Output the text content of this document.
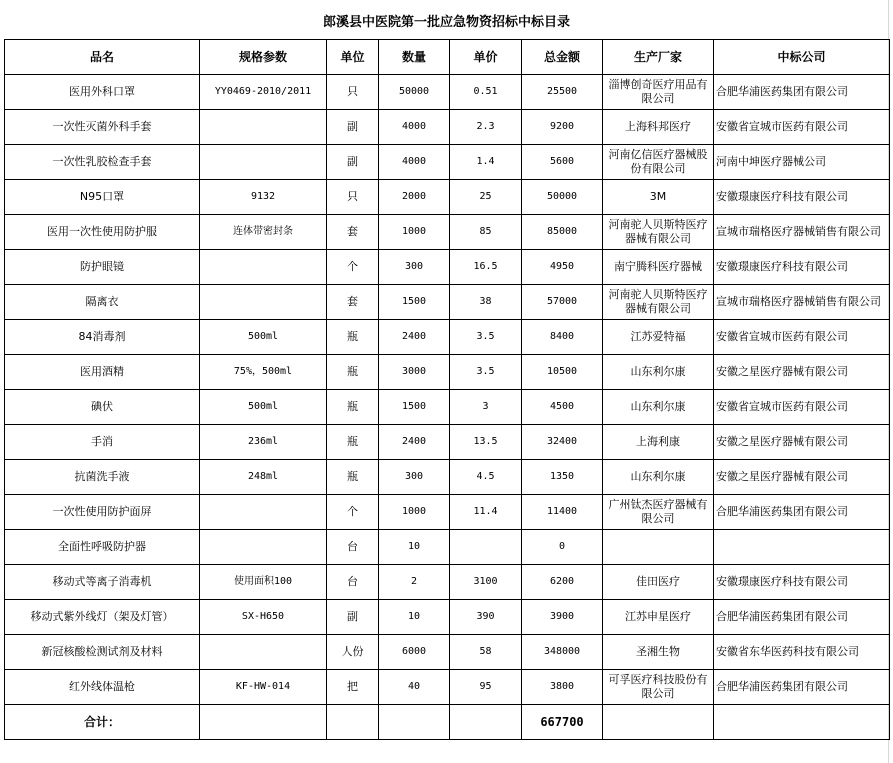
郎溪县中医院第一批应急物资招标中标目录
品名	规格参数	单位	数量	单价	总金额	生产厂家	中标公司
医用外科口罩	YY0469-2010/2011	只	50000	0.51	25500	淄博创奇医疗用品有限公司	合肥华浦医药集团有限公司
一次性灭菌外科手套		副	4000	2.3	9200	上海科邦医疗	安徽省宣城市医药有限公司
一次性乳胶检查手套		副	4000	1.4	5600	河南亿信医疗器械股份有限公司	河南中坤医疗器械公司
N95口罩	9132	只	2000	25	50000	3M	安徽璟康医疗科技有限公司
医用一次性使用防护服	连体带密封条	套	1000	85	85000	河南驼人贝斯特医疗器械有限公司	宣城市瑞格医疗器械销售有限公司
防护眼镜		个	300	16.5	4950	南宁腾科医疗器械	安徽璟康医疗科技有限公司
隔离衣		套	1500	38	57000	河南驼人贝斯特医疗器械有限公司	宣城市瑞格医疗器械销售有限公司
84消毒剂	500ml	瓶	2400	3.5	8400	江苏爱特福	安徽省宣城市医药有限公司
医用酒精	75%，500ml	瓶	3000	3.5	10500	山东利尔康	安徽之星医疗器械有限公司
碘伏	500ml	瓶	1500	3	4500	山东利尔康	安徽省宣城市医药有限公司
手消	236ml	瓶	2400	13.5	32400	上海利康	安徽之星医疗器械有限公司
抗菌洗手液	248ml	瓶	300	4.5	1350	山东利尔康	安徽之星医疗器械有限公司
一次性使用防护面屏		个	1000	11.4	11400	广州钛杰医疗器械有限公司	合肥华浦医药集团有限公司
全面性呼吸防护器		台	10		0		
移动式等离子消毒机	使用面积100	台	2	3100	6200	佳田医疗	安徽璟康医疗科技有限公司
移动式紫外线灯（架及灯管）	SX-H650	副	10	390	3900	江苏申星医疗	合肥华浦医药集团有限公司
新冠核酸检测试剂及材料		人份	6000	58	348000	圣湘生物	安徽省东华医药科技有限公司
红外线体温枪	KF-HW-014	把	40	95	3800	可孚医疗科技股份有限公司	合肥华浦医药集团有限公司
合计：					667700		
